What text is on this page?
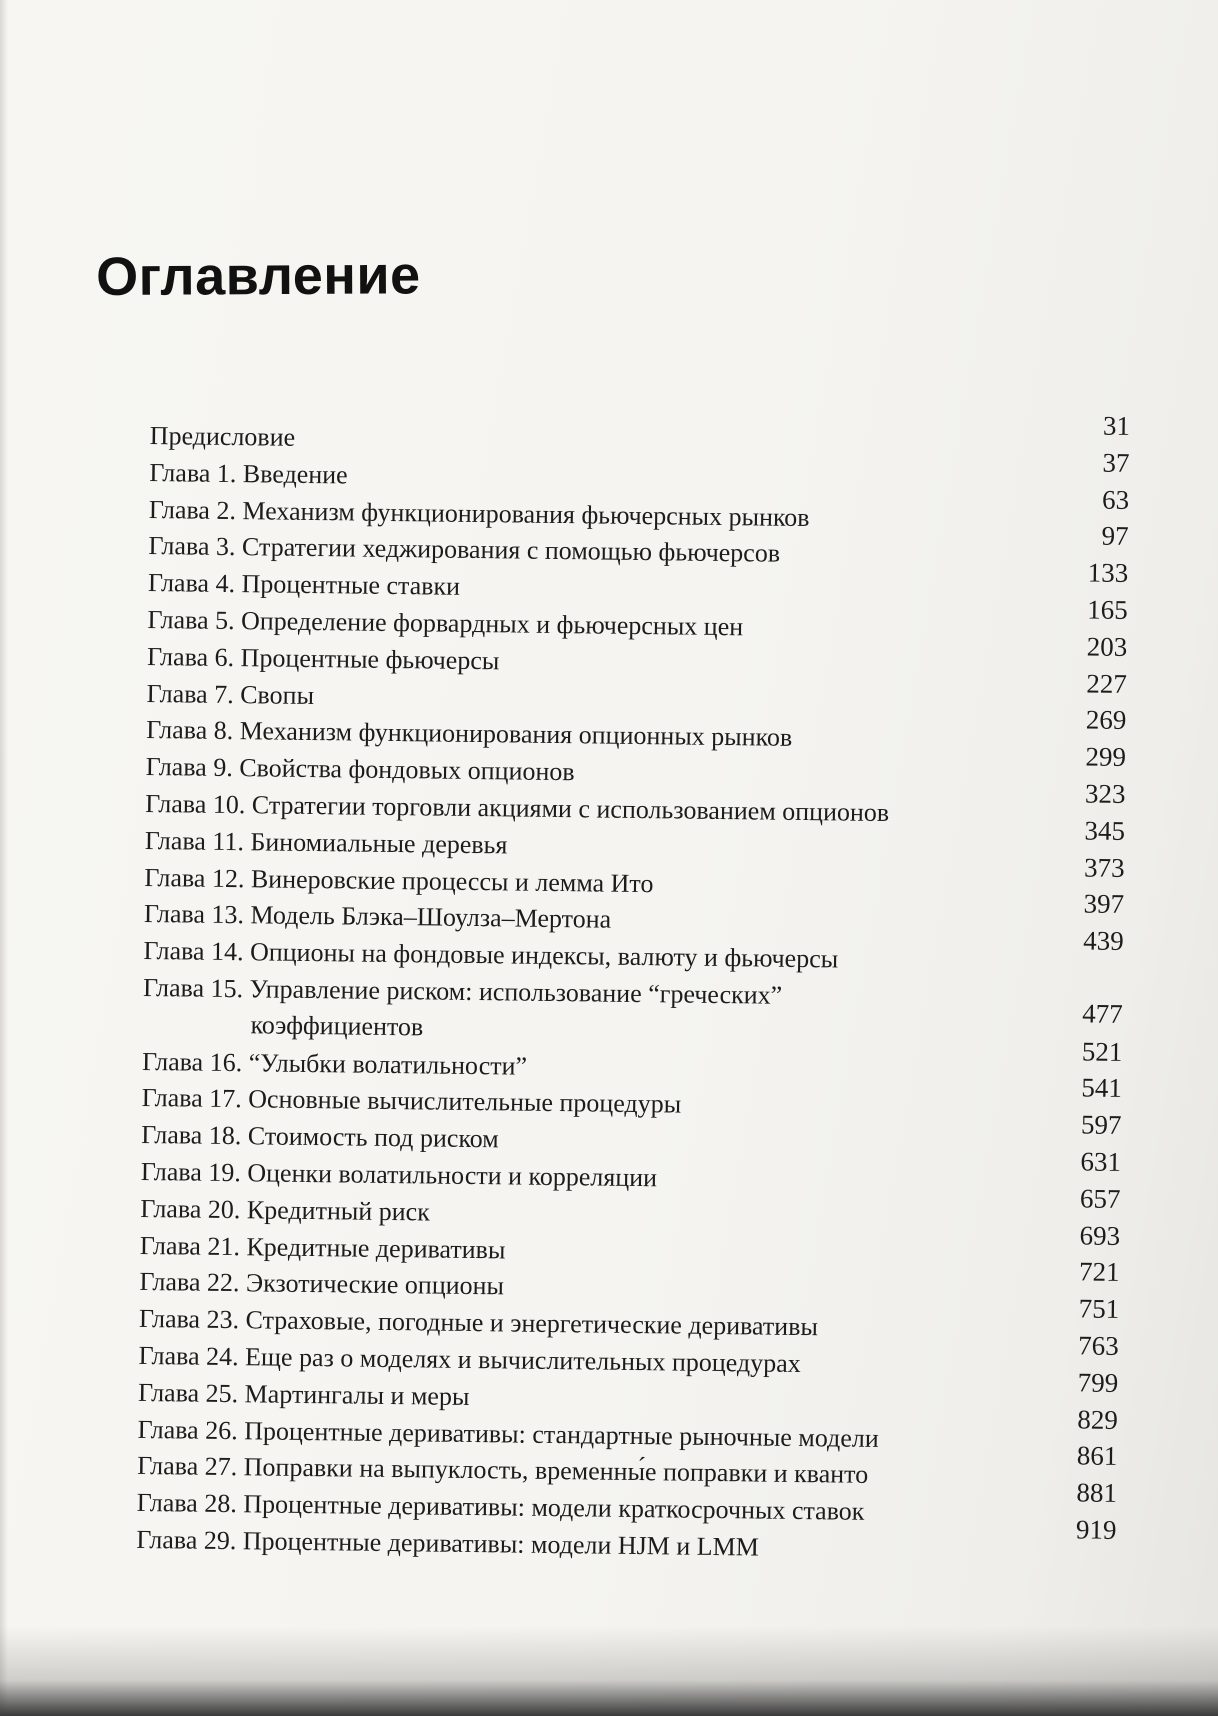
Оглавление
Предисловие	31
Глава 1. Введение	37
Глава 2. Механизм функционирования фьючерсных рынков	63
Глава 3. Стратегии хеджирования с помощью фьючерсов	97
Глава 4. Процентные ставки	133
Глава 5. Определение форвардных и фьючерсных цен	165
Глава 6. Процентные фьючерсы	203
Глава 7. Свопы	227
Глава 8. Механизм функционирования опционных рынков	269
Глава 9. Свойства фондовых опционов	299
Глава 10. Стратегии торговли акциями с использованием опционов	323
Глава 11. Биномиальные деревья	345
Глава 12. Винеровские процессы и лемма Ито	373
Глава 13. Модель Блэка–Шоулза–Мертона	397
Глава 14. Опционы на фондовые индексы, валюту и фьючерсы	439
Глава 15. Управление риском: использование “греческих”
коэффициентов	477
Глава 16. “Улыбки волатильности”	521
Глава 17. Основные вычислительные процедуры	541
Глава 18. Стоимость под риском	597
Глава 19. Оценки волатильности и корреляции	631
Глава 20. Кредитный риск	657
Глава 21. Кредитные деривативы	693
Глава 22. Экзотические опционы	721
Глава 23. Страховые, погодные и энергетические деривативы	751
Глава 24. Еще раз о моделях и вычислительных процедурах	763
Глава 25. Мартингалы и меры	799
Глава 26. Процентные деривативы: стандартные рыночные модели	829
Глава 27. Поправки на выпуклость, временны́е поправки и кванто	861
Глава 28. Процентные деривативы: модели краткосрочных ставок	881
Глава 29. Процентные деривативы: модели HJM и LMM	919
